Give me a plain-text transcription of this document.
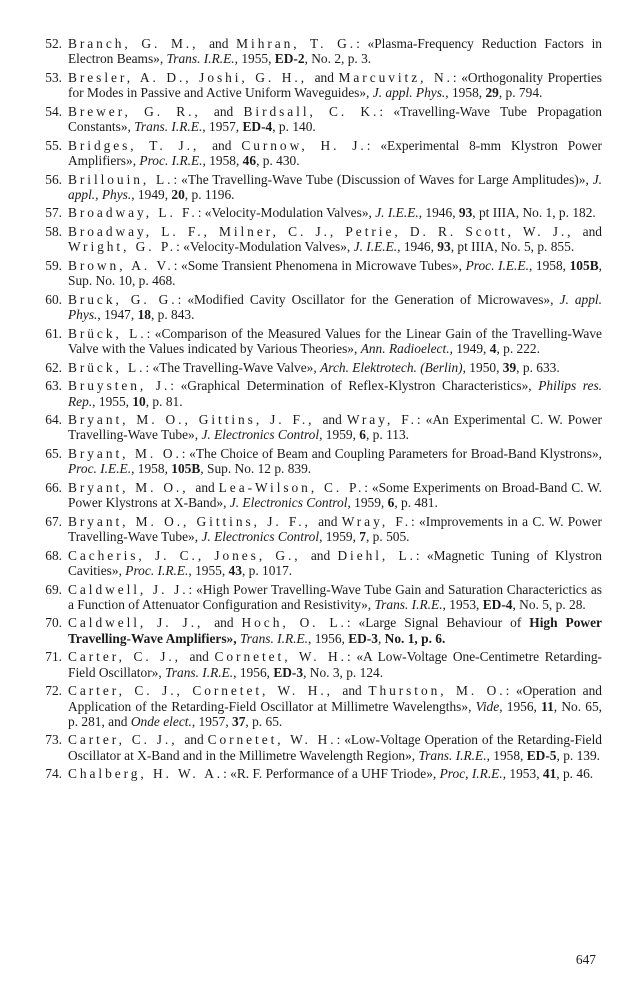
52. Branch, G. M., and Mihran, T. G.: «Plasma-Frequency Reduction Factors in Electron Beams», Trans. I.R.E., 1955, ED-2, No. 2, p. 3.
53. Bresler, A. D., Joshi, G. H., and Marcuvitz, N.: «Orthogonality Properties for Modes in Passive and Active Uniform Waveguides», J. appl. Phys., 1958, 29, p. 794.
54. Brewer, G. R., and Birdsall, C. K.: «Travelling-Wave Tube Propagation Constants», Trans. I.R.E., 1957, ED-4, p. 140.
55. Bridges, T. J., and Curnow, H. J.: «Experimental 8-mm Klystron Power Amplifiers», Proc. I.R.E., 1958, 46, p. 430.
56. Brillouin, L.: «The Travelling-Wave Tube (Discussion of Waves for Large Amplitudes)», J. appl., Phys., 1949, 20, p. 1196.
57. Broadway, L. F.: «Velocity-Modulation Valves», J. I.E.E., 1946, 93, pt IIIA, No. 1, p. 182.
58. Broadway, L. F., Milner, C. J., Petrie, D. R. Scott, W. J., and Wright, G. P.: «Velocity-Modulation Valves», J. I.E.E., 1946, 93, pt IIIA, No. 5, p. 855.
59. Brown, A. V.: «Some Transient Phenomena in Microwave Tubes», Proc. I.E.E., 1958, 105B, Sup. No. 10, p. 468.
60. Bruck, G. G.: «Modified Cavity Oscillator for the Generation of Microwaves», J. appl. Phys., 1947, 18, p. 843.
61. Brück, L.: «Comparison of the Measured Values for the Linear Gain of the Travelling-Wave Valve with the Values indicated by Various Theories», Ann. Radioelect., 1949, 4, p. 222.
62. Brück, L.: «The Travelling-Wave Valve», Arch. Elektrotech. (Berlin), 1950, 39, p. 633.
63. Bruysten, J.: «Graphical Determination of Reflex-Klystron Characteristics», Philips res. Rep., 1955, 10, p. 81.
64. Bryant, M. O., Gittins, J. F., and Wray, F.: «An Experimental C. W. Power Travelling-Wave Tube», J. Electronics Control, 1959, 6, p. 113.
65. Bryant, M. O.: «The Choice of Beam and Coupling Parameters for Broad-Band Klystrons», Proc. I.E.E., 1958, 105B, Sup. No. 12 p. 839.
66. Bryant, M. O., and Lea-Wilson, C. P.: «Some Experiments on Broad-Band C. W. Power Klystrons at X-Band», J. Electronics Control, 1959, 6, p. 481.
67. Bryant, M. O., Gittins, J. F., and Wray, F.: «Improvements in a C. W. Power Travelling-Wave Tube», J. Electronics Control, 1959, 7, p. 505.
68. Cacheris, J. C., Jones, G., and Diehl, L.: «Magnetic Tuning of Klystron Cavities», Proc. I.R.E., 1955, 43, p. 1017.
69. Caldwell, J. J.: «High Power Travelling-Wave Tube Gain and Saturation Characterictics as a Function of Attenuator Configuration and Resistivity», Trans. I.R.E., 1953, ED-4, No. 5, p. 28.
70. Caldwell, J. J., and Hoch, O. L.: «Large Signal Behaviour of High Power Travelling-Wave Amplifiers», Trans. I.R.E., 1956, ED-3, No. 1, p. 6.
71. Carter, C. J., and Cornetet, W. H.: «A Low-Voltage One-Centimetre Retarding-Field Oscillator», Trans. I.R.E., 1956, ED-3, No. 3, p. 124.
72. Carter, C. J., Cornetet, W. H., and Thurston, M. O.: «Operation and Application of the Retarding-Field Oscillator at Millimetre Wavelengths», Vide, 1956, 11, No. 65, p. 281, and Onde elect., 1957, 37, p. 65.
73. Carter, C. J., and Cornetet, W. H.: «Low-Voltage Operation of the Retarding-Field Oscillator at X-Band and in the Millimetre Wavelength Region», Trans. I.R.E., 1958, ED-5, p. 139.
74. Chalberg, H. W. A.: «R. F. Performance of a UHF Triode», Proc, I.R.E., 1953, 41, p. 46.
647
